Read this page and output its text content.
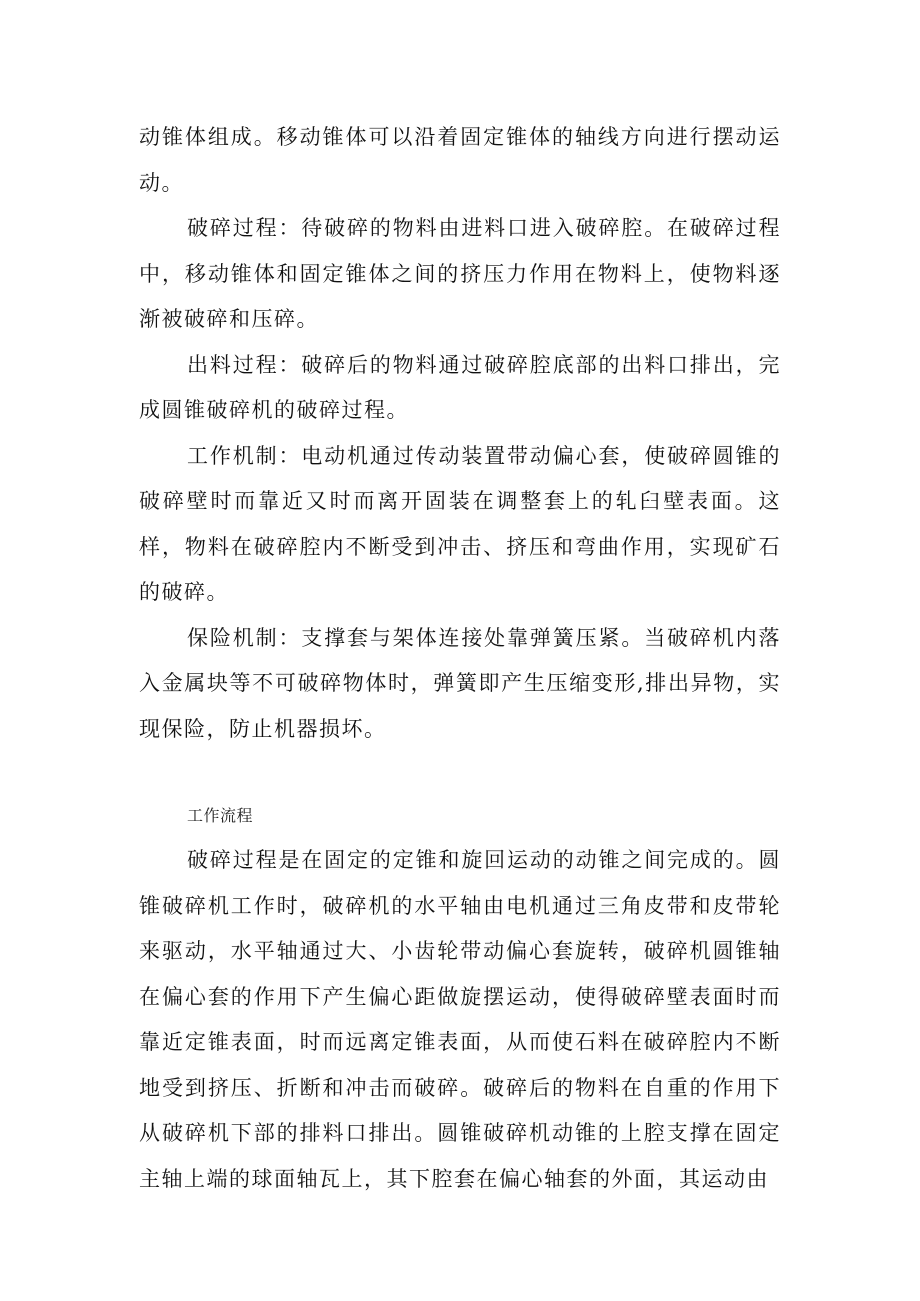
动锥体组成。移动锥体可以沿着固定锥体的轴线方向进行摆动运动。

破碎过程：待破碎的物料由进料口进入破碎腔。在破碎过程中，移动锥体和固定锥体之间的挤压力作用在物料上，使物料逐渐被破碎和压碎。

出料过程：破碎后的物料通过破碎腔底部的出料口排出，完成圆锥破碎机的破碎过程。

工作机制：电动机通过传动装置带动偏心套，使破碎圆锥的破碎壁时而靠近又时而离开固装在调整套上的轧臼壁表面。这样，物料在破碎腔内不断受到冲击、挤压和弯曲作用，实现矿石的破碎。

保险机制：支撑套与架体连接处靠弹簧压紧。当破碎机内落入金属块等不可破碎物体时，弹簧即产生压缩变形,排出异物，实现保险，防止机器损坏。

工作流程

破碎过程是在固定的定锥和旋回运动的动锥之间完成的。圆锥破碎机工作时，破碎机的水平轴由电机通过三角皮带和皮带轮来驱动，水平轴通过大、小齿轮带动偏心套旋转，破碎机圆锥轴在偏心套的作用下产生偏心距做旋摆运动，使得破碎壁表面时而靠近定锥表面，时而远离定锥表面，从而使石料在破碎腔内不断地受到挤压、折断和冲击而破碎。破碎后的物料在自重的作用下从破碎机下部的排料口排出。圆锥破碎机动锥的上腔支撑在固定主轴上端的球面轴瓦上，其下腔套在偏心轴套的外面，其运动由
